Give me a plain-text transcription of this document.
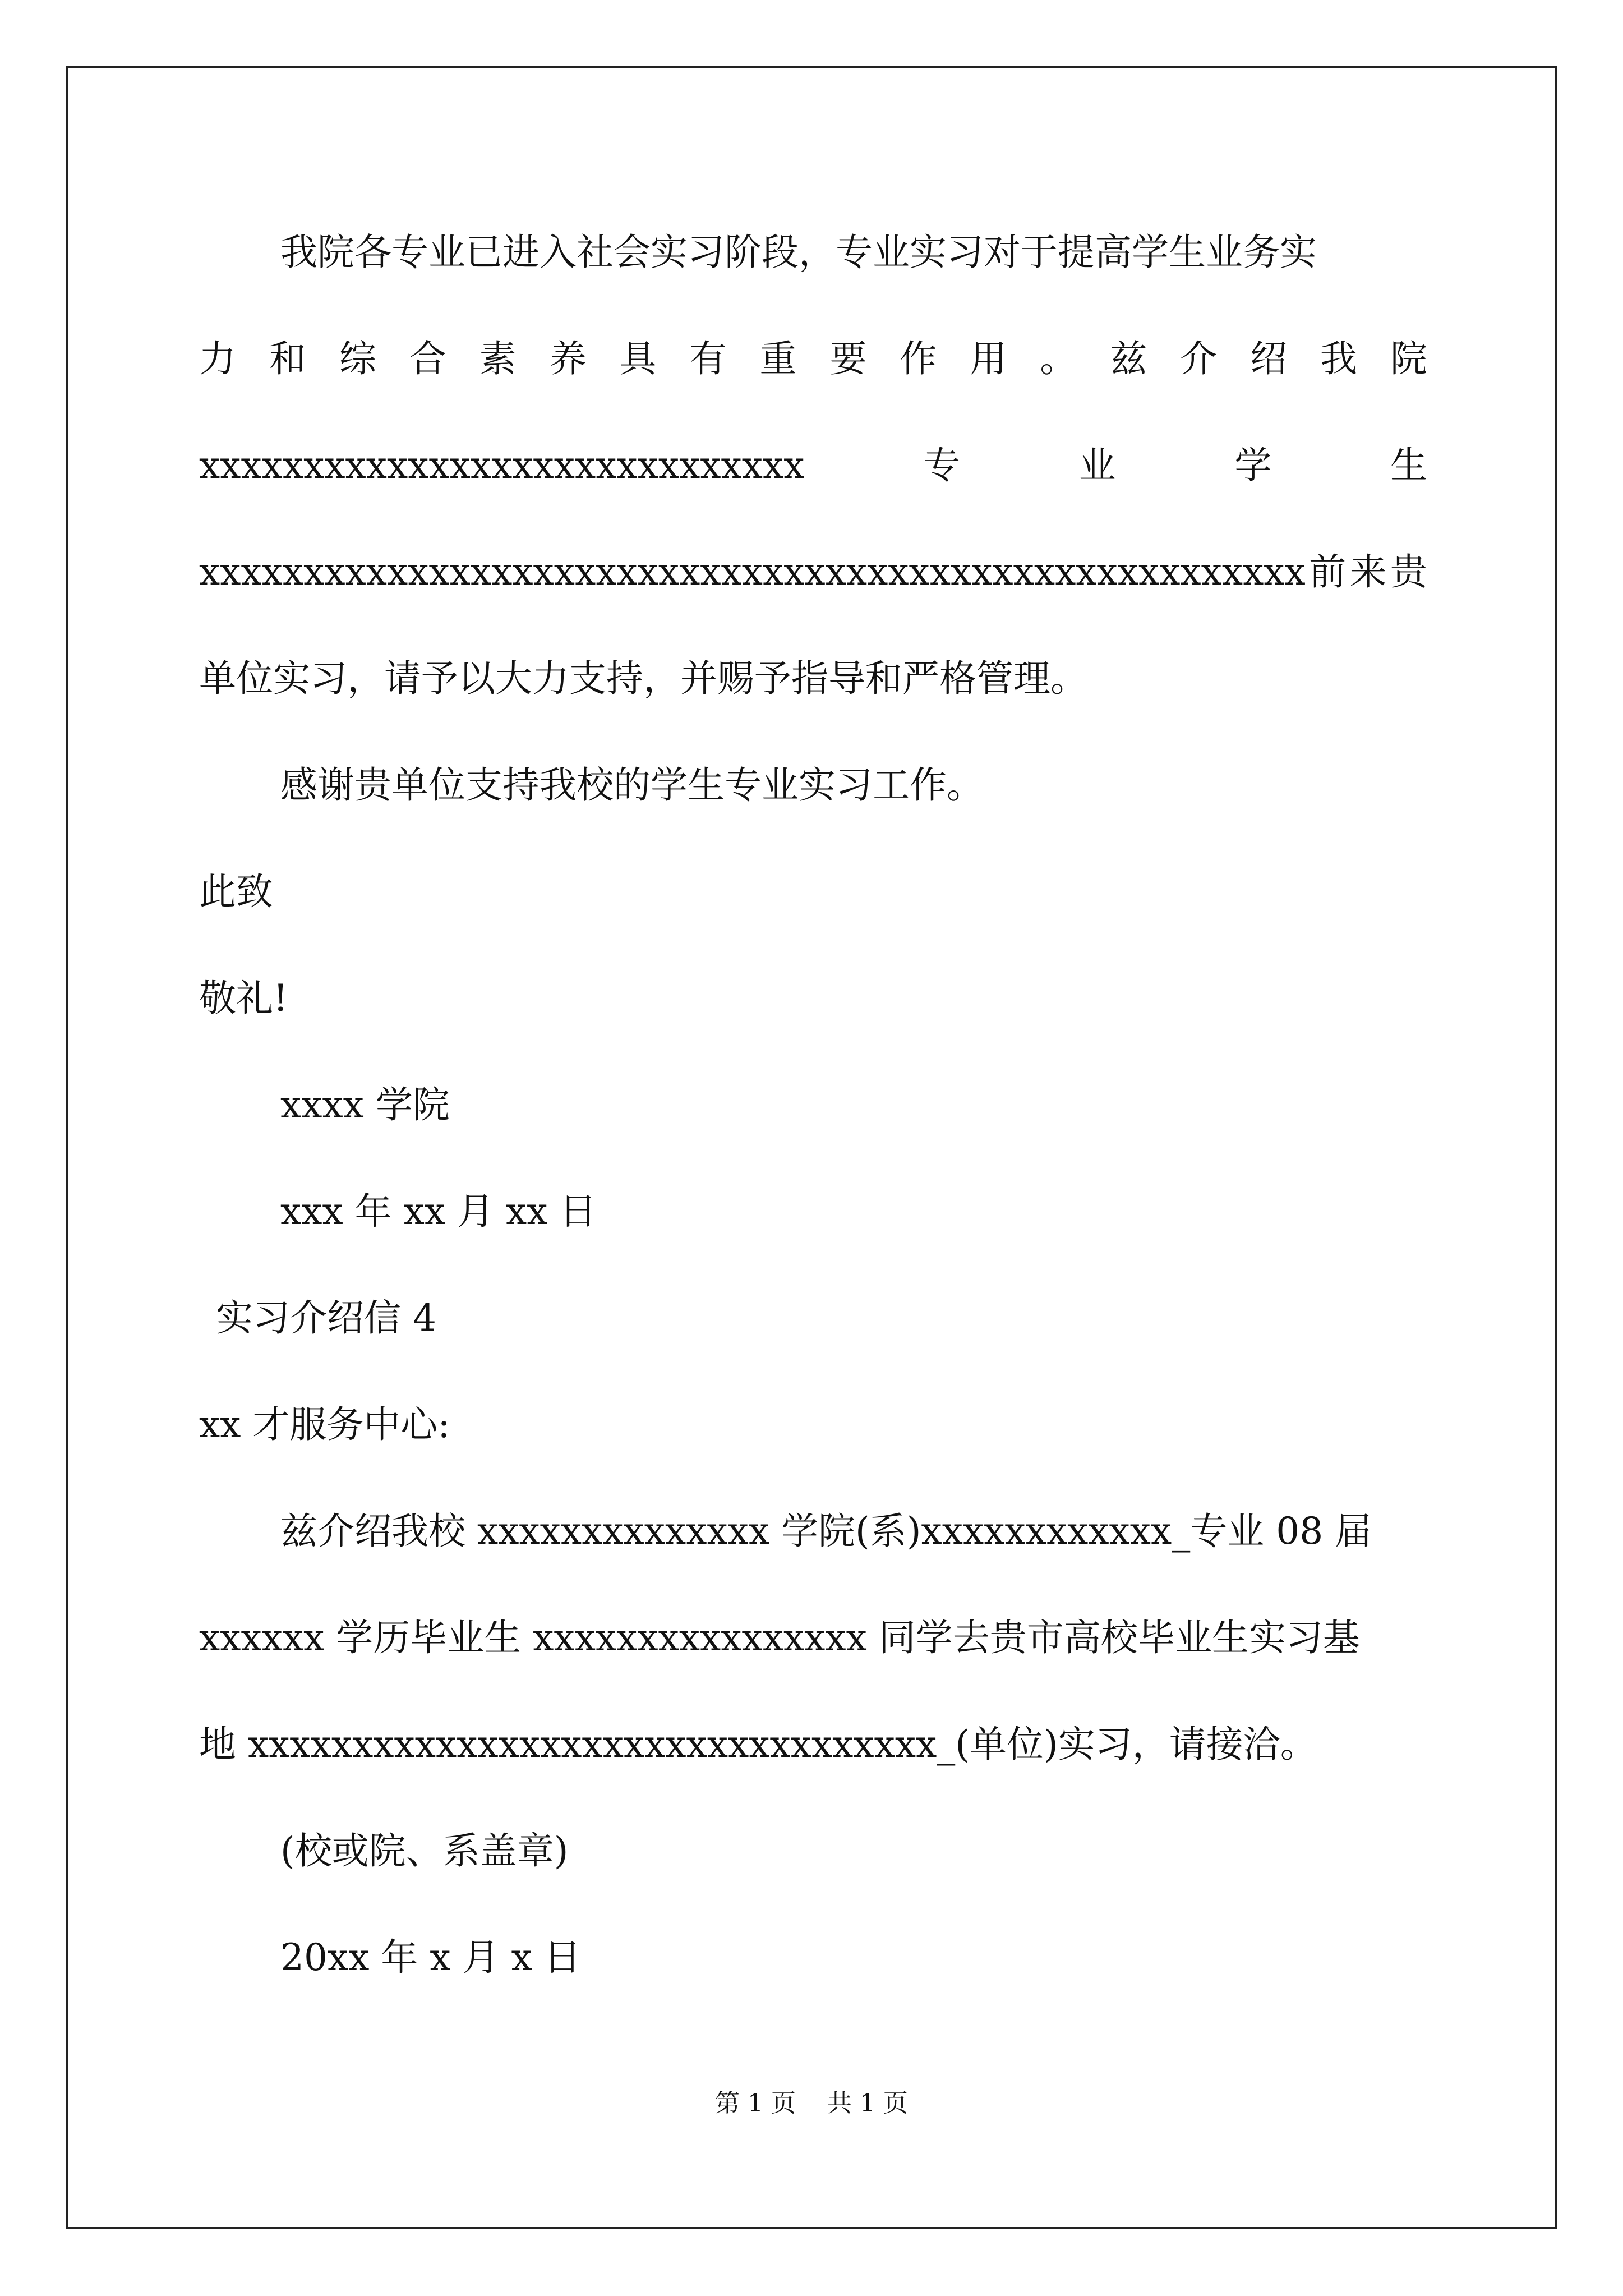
我院各专业已进入社会实习阶段，专业实习对于提高学生业务实
力 和 综 合 素 养 具 有 重 要 作 用 。 兹 介 绍 我 院
xxxxxxxxxxxxxxxxxxxxxxxxxxxxx	专	业	学	生
xxxxxxxxxxxxxxxxxxxxxxxxxxxxxxxxxxxxxxxxxxxxxxxxxxxxx 前 来 贵
单位实习，请予以大力支持，并赐予指导和严格管理。
感谢贵单位支持我校的学生专业实习工作。
此致
敬礼!
xxxx 学院
xxx 年 xx 月 xx 日
实习介绍信 4
xx 才服务中心:
兹介绍我校 xxxxxxxxxxxxxx 学院(系)xxxxxxxxxxxx_专业 08 届
xxxxxx 学历毕业生 xxxxxxxxxxxxxxxx 同学去贵市高校毕业生实习基
地 xxxxxxxxxxxxxxxxxxxxxxxxxxxxxxxxx_(单位)实习，请接洽。
(校或院、系盖章)
20xx 年 x 月 x 日
第 1 页    共 1 页
